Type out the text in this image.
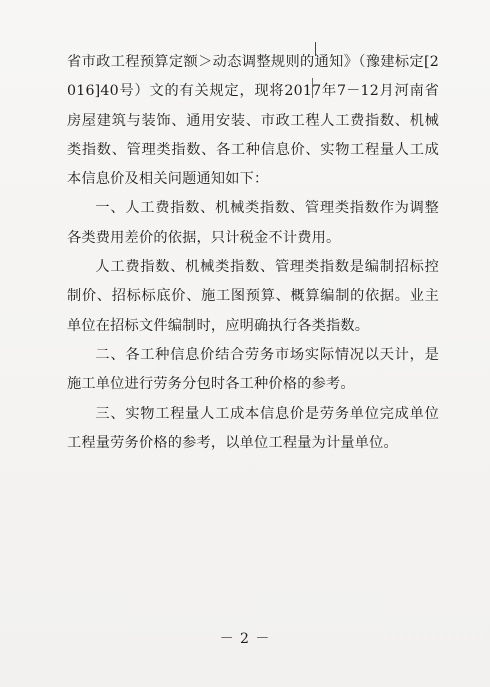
省市政工程预算定额＞动态调整规则的通知》（豫建标定[2016]40号）文的有关规定，现将2017年7－12月河南省房屋建筑与装饰、通用安装、市政工程人工费指数、机械类指数、管理类指数、各工种信息价、实物工程量人工成本信息价及相关问题通知如下：

一、人工费指数、机械类指数、管理类指数作为调整各类费用差价的依据，只计税金不计费用。

人工费指数、机械类指数、管理类指数是编制招标控制价、招标标底价、施工图预算、概算编制的依据。业主单位在招标文件编制时，应明确执行各类指数。

二、各工种信息价结合劳务市场实际情况以天计，是施工单位进行劳务分包时各工种价格的参考。

三、实物工程量人工成本信息价是劳务单位完成单位工程量劳务价格的参考，以单位工程量为计量单位。

－ 2 －
